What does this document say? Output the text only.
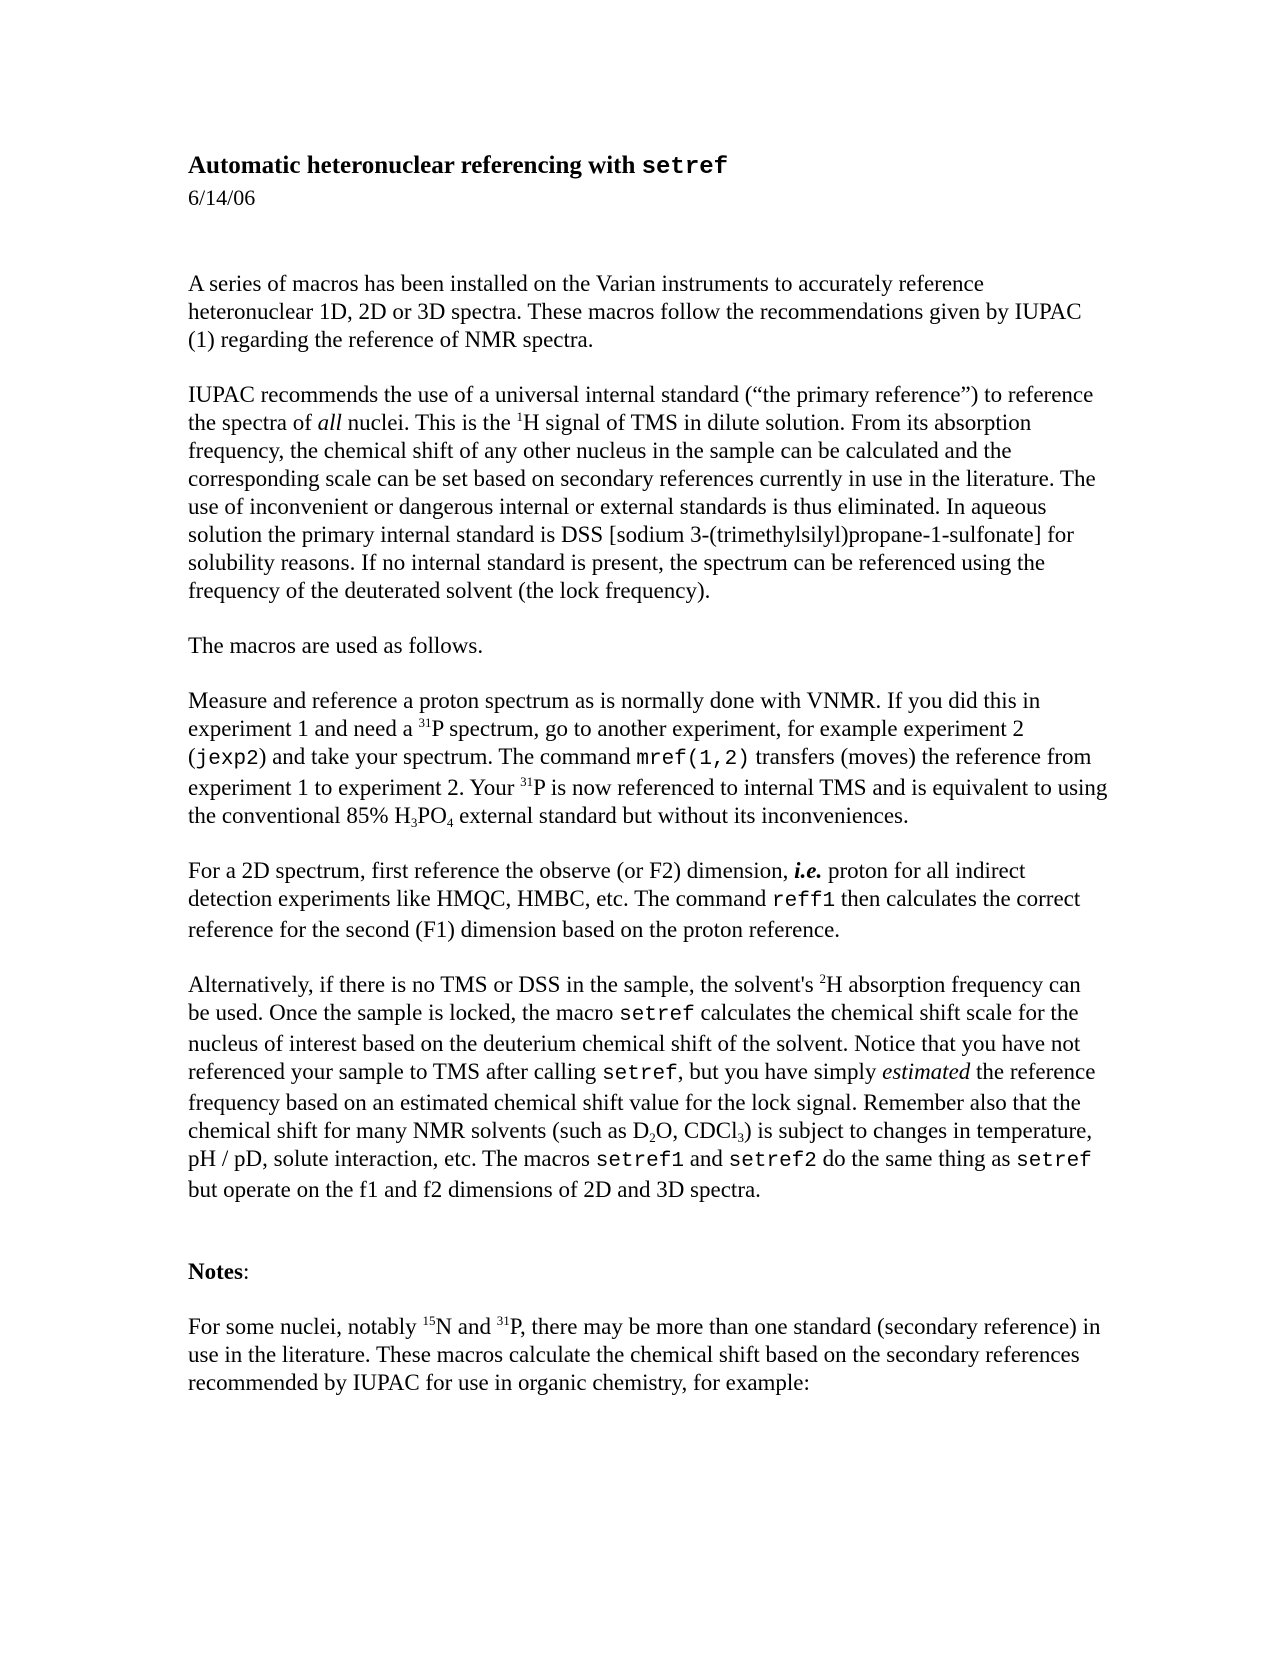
Automatic heteronuclear referencing with setref
6/14/06

A series of macros has been installed on the Varian instruments to accurately reference heteronuclear 1D, 2D or 3D spectra. These macros follow the recommendations given by IUPAC (1) regarding the reference of NMR spectra.

IUPAC recommends the use of a universal internal standard (“the primary reference”) to reference the spectra of all nuclei. This is the $^1$H signal of TMS in dilute solution. From its absorption frequency, the chemical shift of any other nucleus in the sample can be calculated and the corresponding scale can be set based on secondary references currently in use in the literature. The use of inconvenient or dangerous internal or external standards is thus eliminated. In aqueous solution the primary internal standard is DSS [sodium 3-(trimethylsilyl)propane-1-sulfonate] for solubility reasons. If no internal standard is present, the spectrum can be referenced using the frequency of the deuterated solvent (the lock frequency).

The macros are used as follows.

Measure and reference a proton spectrum as is normally done with VNMR. If you did this in experiment 1 and need a $^{31}$P spectrum, go to another experiment, for example experiment 2 (jexp2) and take your spectrum. The command mref(1,2) transfers (moves) the reference from experiment 1 to experiment 2. Your $^{31}$P is now referenced to internal TMS and is equivalent to using the conventional 85% $H_3PO_4$ external standard but without its inconveniences.

For a 2D spectrum, first reference the observe (or F2) dimension, i.e. proton for all indirect detection experiments like HMQC, HMBC, etc. The command reff1 then calculates the correct reference for the second (F1) dimension based on the proton reference.

Alternatively, if there is no TMS or DSS in the sample, the solvent's $^2$H absorption frequency can be used. Once the sample is locked, the macro setref calculates the chemical shift scale for the nucleus of interest based on the deuterium chemical shift of the solvent. Notice that you have not referenced your sample to TMS after calling setref, but you have simply estimated the reference frequency based on an estimated chemical shift value for the lock signal. Remember also that the chemical shift for many NMR solvents (such as $D_2O$, CDCl$_3$) is subject to changes in temperature, pH / pD, solute interaction, etc. The macros setref1 and setref2 do the same thing as setref but operate on the f1 and f2 dimensions of 2D and 3D spectra.

Notes:

For some nuclei, notably $^{15}$N and $^{31}$P, there may be more than one standard (secondary reference) in use in the literature. These macros calculate the chemical shift based on the secondary references recommended by IUPAC for use in organic chemistry, for example:
